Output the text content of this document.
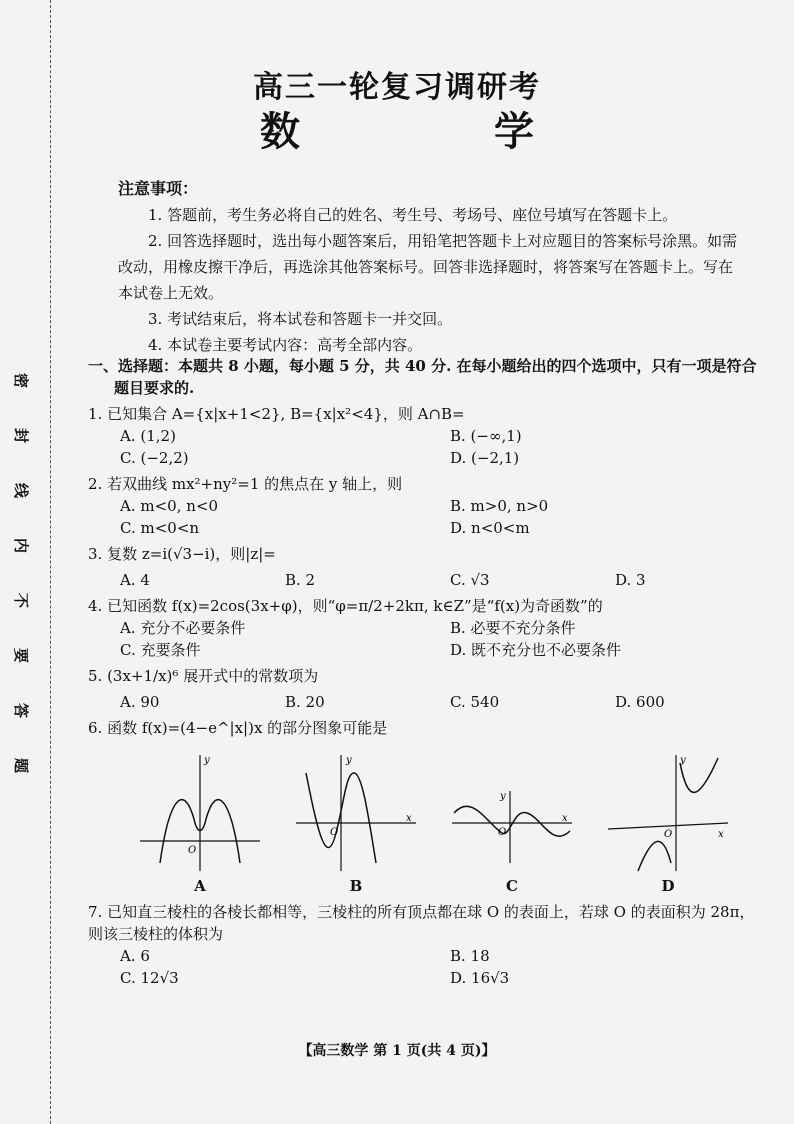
密
封
线
内
不
要
答
题
高三一轮复习调研考
数 学

注意事项：

1. 答题前，考生务必将自己的姓名、考生号、考场号、座位号填写在答题卡上。

2. 回答选择题时，选出每小题答案后，用铅笔把答题卡上对应题目的答案标号涂黑。如需改动，用橡皮擦干净后，再选涂其他答案标号。回答非选择题时，将答案写在答题卡上。写在本试卷上无效。

3. 考试结束后，将本试卷和答题卡一并交回。

4. 本试卷主要考试内容：高考全部内容。

一、选择题：本题共 8 小题，每小题 5 分，共 40 分. 在每小题给出的四个选项中，只有一项是符合
题目要求的.
1. 已知集合 A={x|x+1<2}, B={x|x²<4}，则 A∩B=
A. (1,2)	B. (−∞,1)
C. (−2,2)	D. (−2,1)
2. 若双曲线 mx²+ny²=1 的焦点在 y 轴上，则
A. m<0, n<0	B. m>0, n>0
C. m<0<n	D. n<0<m
3. 复数 z=i(√3−i)，则|z|=
A. 4	B. 2	C. √3	D. 3
4. 已知函数 f(x)=2cos(3x+φ)，则“φ=π/2+2kπ, k∈Z”是“f(x)为奇函数”的
A. 充分不必要条件	B. 必要不充分条件
C. 充要条件	D. 既不充分也不必要条件
5. (3x+1/x)⁶ 展开式中的常数项为
A. 90	B. 20	C. 540	D. 600
6. 函数 f(x)=(4−e^|x|)x 的部分图象可能是
y
O
A
y
O
x
B
y
O
x
C
y
O	x
D
7. 已知直三棱柱的各棱长都相等，三棱柱的所有顶点都在球 O 的表面上，若球 O 的表面积为 28π，则该三棱柱的体积为
A. 6	B. 18
C. 12√3	D. 16√3
【高三数学 第 1 页(共 4 页)】
